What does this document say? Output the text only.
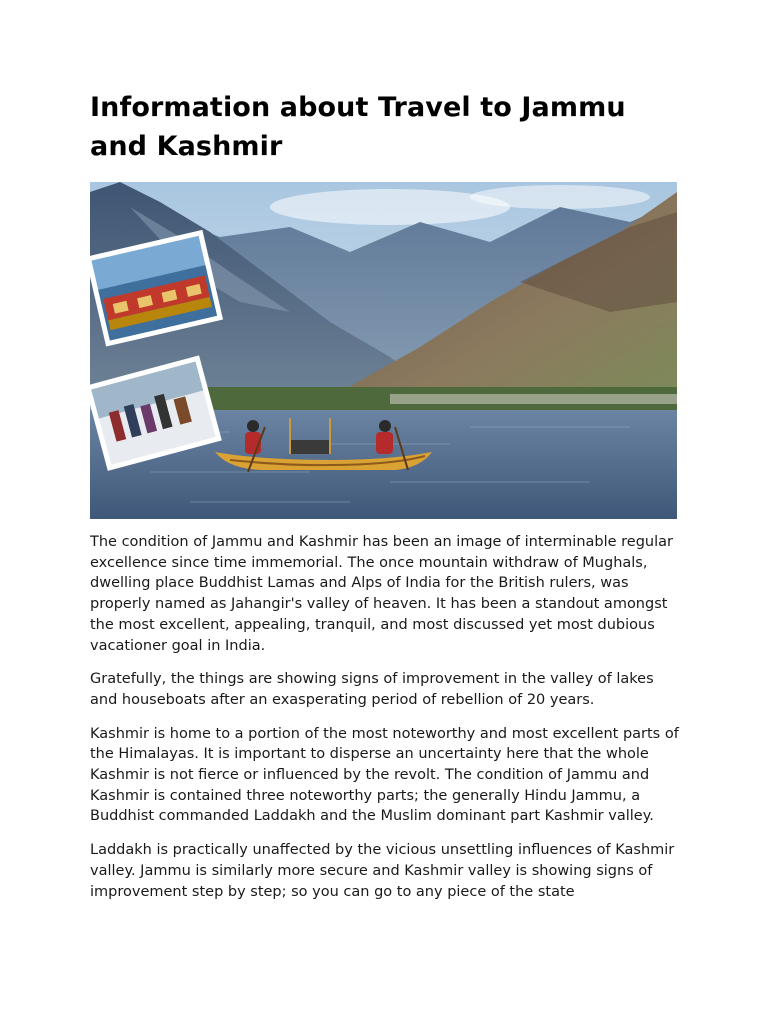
Information about Travel to Jammu and Kashmir

The condition of Jammu and Kashmir has been an image of interminable regular excellence since time immemorial. The once mountain withdraw of Mughals, dwelling place Buddhist Lamas and Alps of India for the British rulers, was properly named as Jahangir's valley of heaven. It has been a standout amongst the most excellent, appealing, tranquil, and most discussed yet most dubious vacationer goal in India.

Gratefully, the things are showing signs of improvement in the valley of lakes and houseboats after an exasperating period of rebellion of 20 years.

Kashmir is home to a portion of the most noteworthy and most excellent parts of the Himalayas. It is important to disperse an uncertainty here that the whole Kashmir is not fierce or influenced by the revolt. The condition of Jammu and Kashmir is contained three noteworthy parts; the generally Hindu Jammu, a Buddhist commanded Laddakh and the Muslim dominant part Kashmir valley.

Laddakh is practically unaffected by the vicious unsettling influences of Kashmir valley. Jammu is similarly more secure and Kashmir valley is showing signs of improvement step by step; so you can go to any piece of the state
